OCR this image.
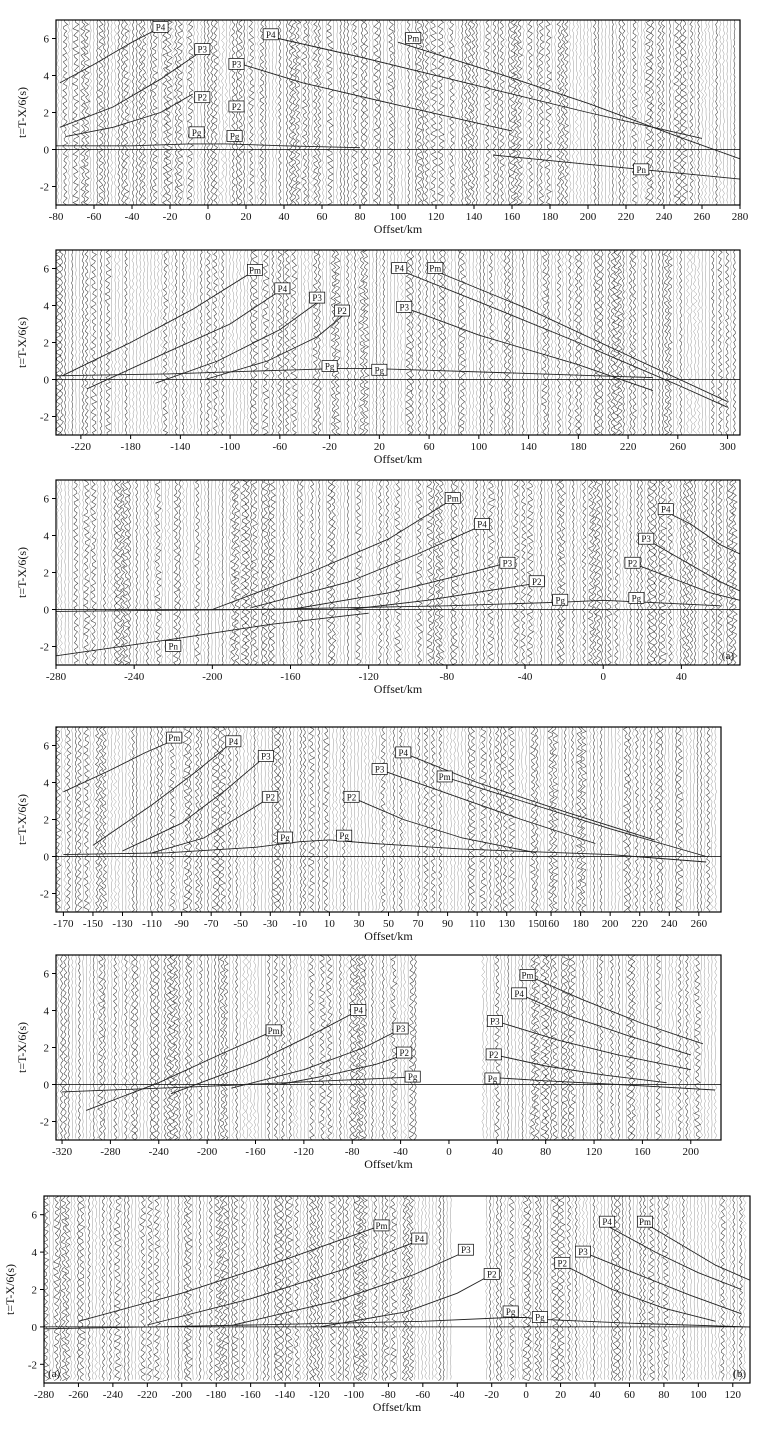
-2
0
2
4
6
-80 -60 -40 -20	0	20 40 60 80 100 120 140 160 180 200 220 240 260 280
Offset/km
t=T-X/6(s)
P4
P3
P3
P4
P2
P2
Pg	Pg
Pm
Pn
-2
0
2
4
6
-220	-180	-140	-100	-60	-20	20	60	100	140	180	220	260	300
Offset/km
t=T-X/6(s)
Pm
P4
P3
P2
Pg	Pg
P4	Pm
P3
-2
0
2
4
6
-280	-240	-200	-160	-120	-80	-40	0	40
Offset/km
t=T-X/6(s)
Pm
P4
P3
P2
Pg
P4
P3
P2
Pg
Pn
(a)
-2
0
2
4
6
-170 -150 -130 -110 -90 -70 -50 -30 -10 10 30 50 70 90 110 130 150
160 180 200 220 240 260
Offset/km
t=T-X/6(s)
Pm	P4
P3
P2
Pg	Pg
P2
P3
P4
Pm
-2
0
2
4
6
-320	-280	-240	-200	-160	-120	-80	-40	0	40	80	120	160	200
Offset/km
t=T-X/6(s)	Pm
P4
P3
P2
Pg
Pm
P4
P3
P2
Pg
-2
0
2
4
6
-280 -260 -240 -220 -200 -180 -160 -140 -120 -100 -80 -60 -40 -20 0 20 40 60 80 100 120
Offset/km
t=T-X/6(s)
Pm
P4
P3
P2
Pg
Pg
P2
P3
P4	Pm
(a)	(b)
